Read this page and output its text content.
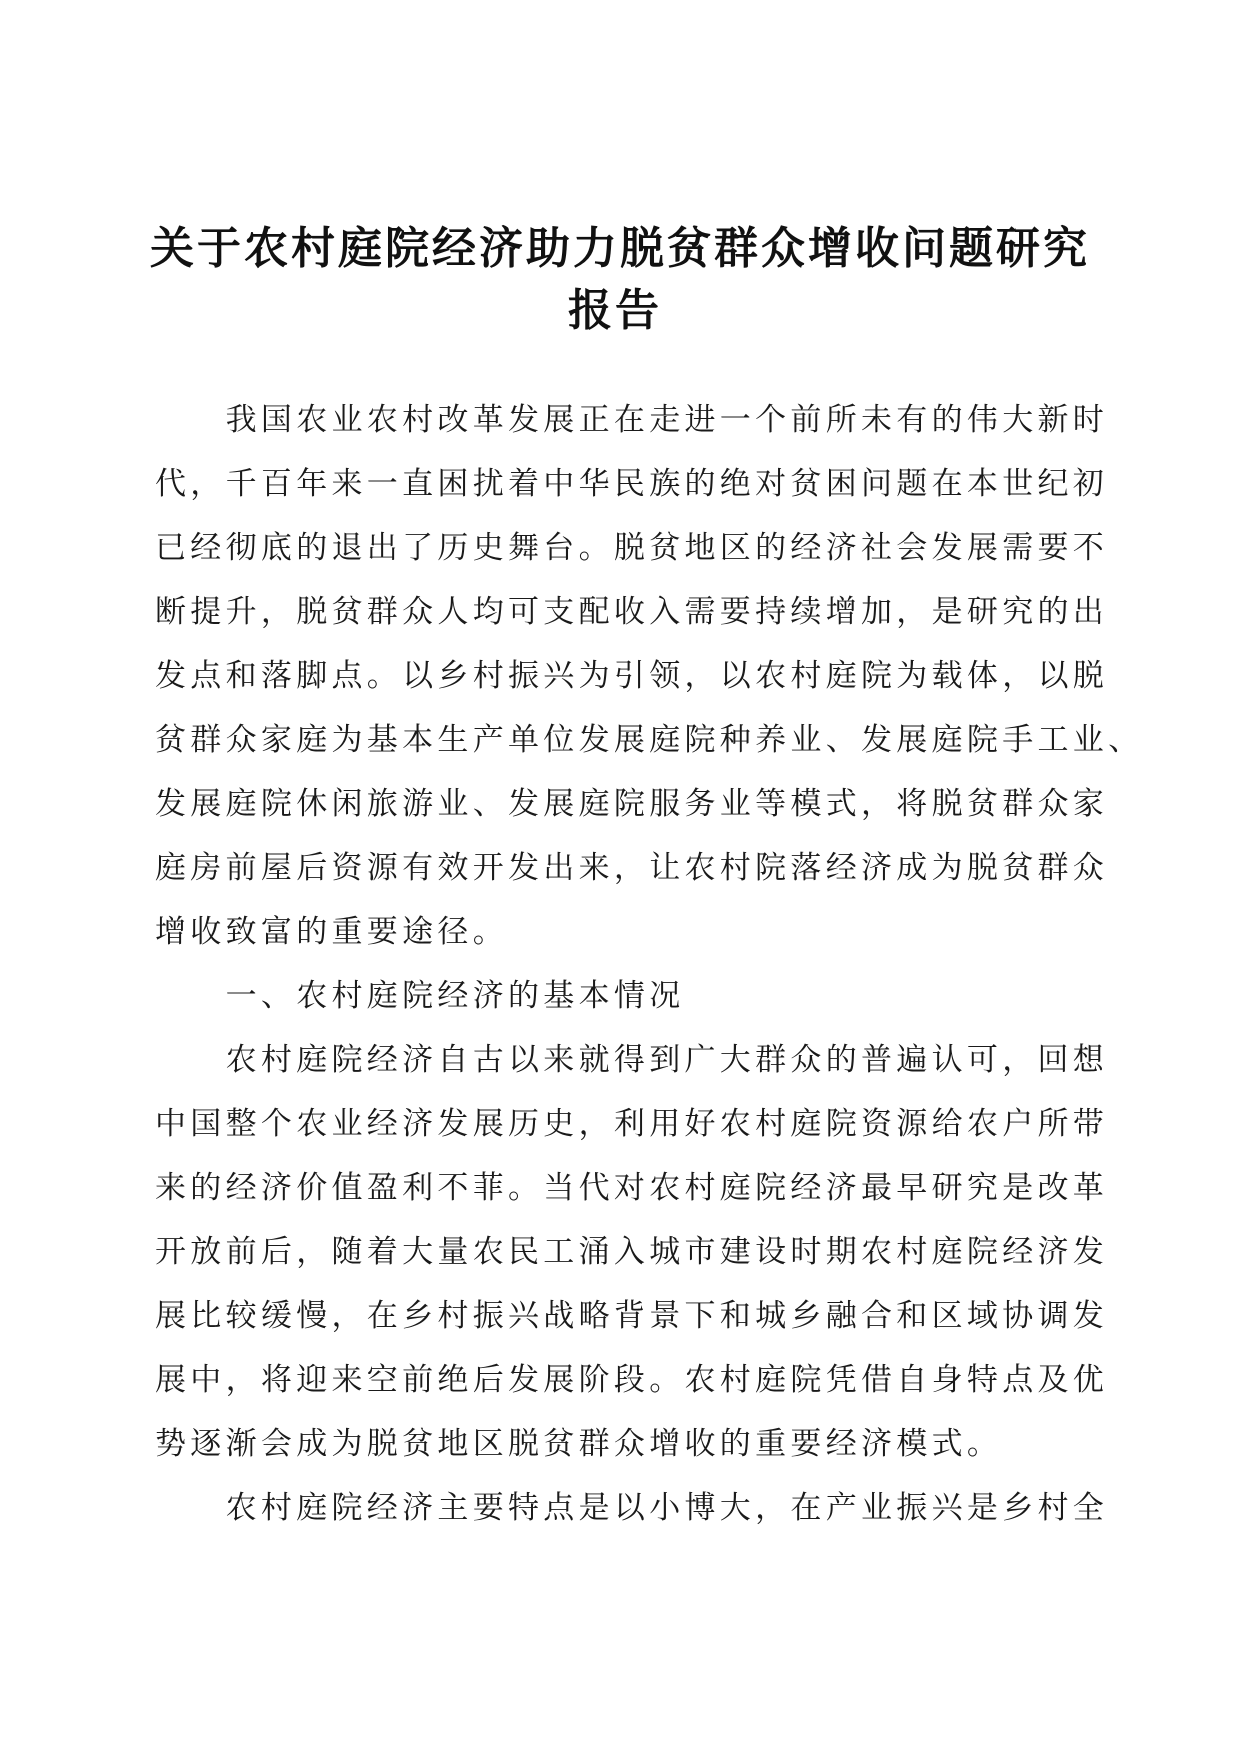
关于农村庭院经济助力脱贫群众增收问题研究
报告
　　我国农业农村改革发展正在走进一个前所未有的伟大新时
代，千百年来一直困扰着中华民族的绝对贫困问题在本世纪初
已经彻底的退出了历史舞台。脱贫地区的经济社会发展需要不
断提升，脱贫群众人均可支配收入需要持续增加，是研究的出
发点和落脚点。以乡村振兴为引领，以农村庭院为载体，以脱
贫群众家庭为基本生产单位发展庭院种养业、发展庭院手工业、
发展庭院休闲旅游业、发展庭院服务业等模式，将脱贫群众家
庭房前屋后资源有效开发出来，让农村院落经济成为脱贫群众
增收致富的重要途径。
　　一、农村庭院经济的基本情况
　　农村庭院经济自古以来就得到广大群众的普遍认可，回想
中国整个农业经济发展历史，利用好农村庭院资源给农户所带
来的经济价值盈利不菲。当代对农村庭院经济最早研究是改革
开放前后，随着大量农民工涌入城市建设时期农村庭院经济发
展比较缓慢，在乡村振兴战略背景下和城乡融合和区域协调发
展中，将迎来空前绝后发展阶段。农村庭院凭借自身特点及优
势逐渐会成为脱贫地区脱贫群众增收的重要经济模式。
　　农村庭院经济主要特点是以小博大，在产业振兴是乡村全
